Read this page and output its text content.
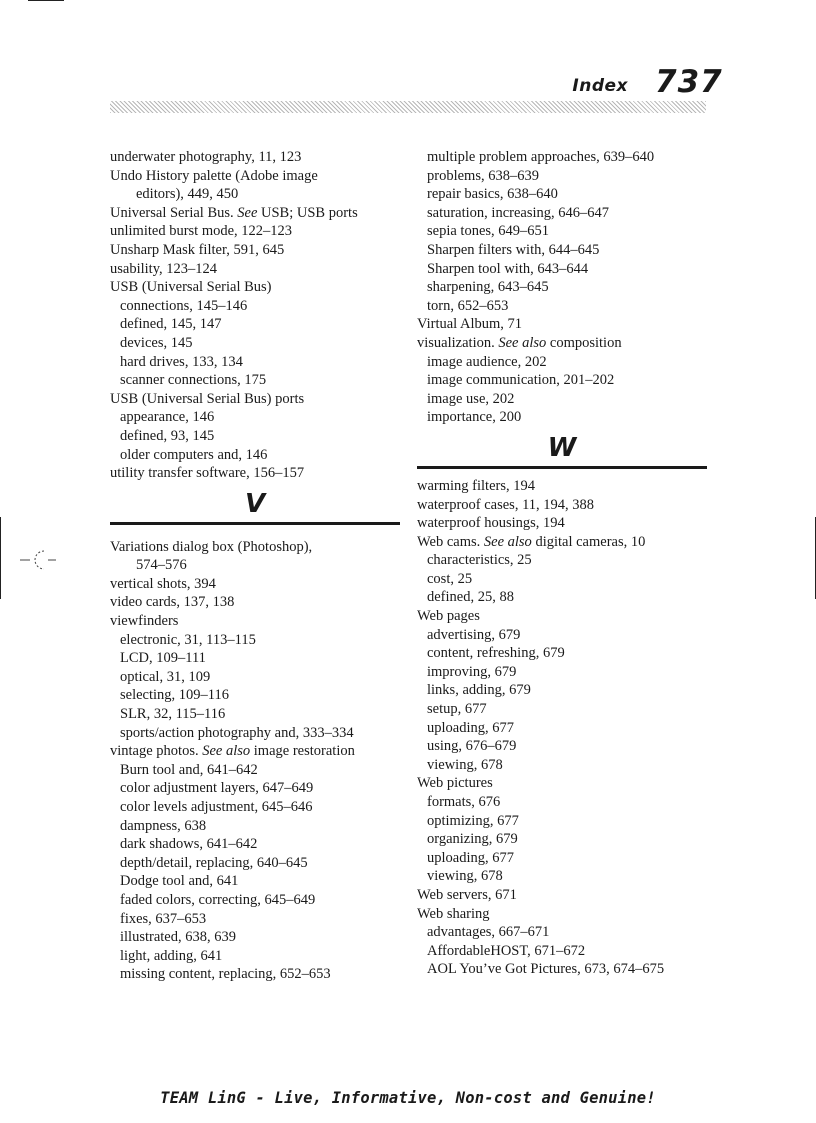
Index 737
underwater photography, 11, 123
Undo History palette (Adobe image
editors), 449, 450
Universal Serial Bus. See USB; USB ports
unlimited burst mode, 122–123
Unsharp Mask filter, 591, 645
usability, 123–124
USB (Universal Serial Bus)
connections, 145–146
defined, 145, 147
devices, 145
hard drives, 133, 134
scanner connections, 175
USB (Universal Serial Bus) ports
appearance, 146
defined, 93, 145
older computers and, 146
utility transfer software, 156–157
V
Variations dialog box (Photoshop),
574–576
vertical shots, 394
video cards, 137, 138
viewfinders
electronic, 31, 113–115
LCD, 109–111
optical, 31, 109
selecting, 109–116
SLR, 32, 115–116
sports/action photography and, 333–334
vintage photos. See also image restoration
Burn tool and, 641–642
color adjustment layers, 647–649
color levels adjustment, 645–646
dampness, 638
dark shadows, 641–642
depth/detail, replacing, 640–645
Dodge tool and, 641
faded colors, correcting, 645–649
fixes, 637–653
illustrated, 638, 639
light, adding, 641
missing content, replacing, 652–653
multiple problem approaches, 639–640
problems, 638–639
repair basics, 638–640
saturation, increasing, 646–647
sepia tones, 649–651
Sharpen filters with, 644–645
Sharpen tool with, 643–644
sharpening, 643–645
torn, 652–653
Virtual Album, 71
visualization. See also composition
image audience, 202
image communication, 201–202
image use, 202
importance, 200
W
warming filters, 194
waterproof cases, 11, 194, 388
waterproof housings, 194
Web cams. See also digital cameras, 10
characteristics, 25
cost, 25
defined, 25, 88
Web pages
advertising, 679
content, refreshing, 679
improving, 679
links, adding, 679
setup, 677
uploading, 677
using, 676–679
viewing, 678
Web pictures
formats, 676
optimizing, 677
organizing, 679
uploading, 677
viewing, 678
Web servers, 671
Web sharing
advantages, 667–671
AffordableHOST, 671–672
AOL You’ve Got Pictures, 673, 674–675
TEAM LinG - Live, Informative, Non-cost and Genuine!
